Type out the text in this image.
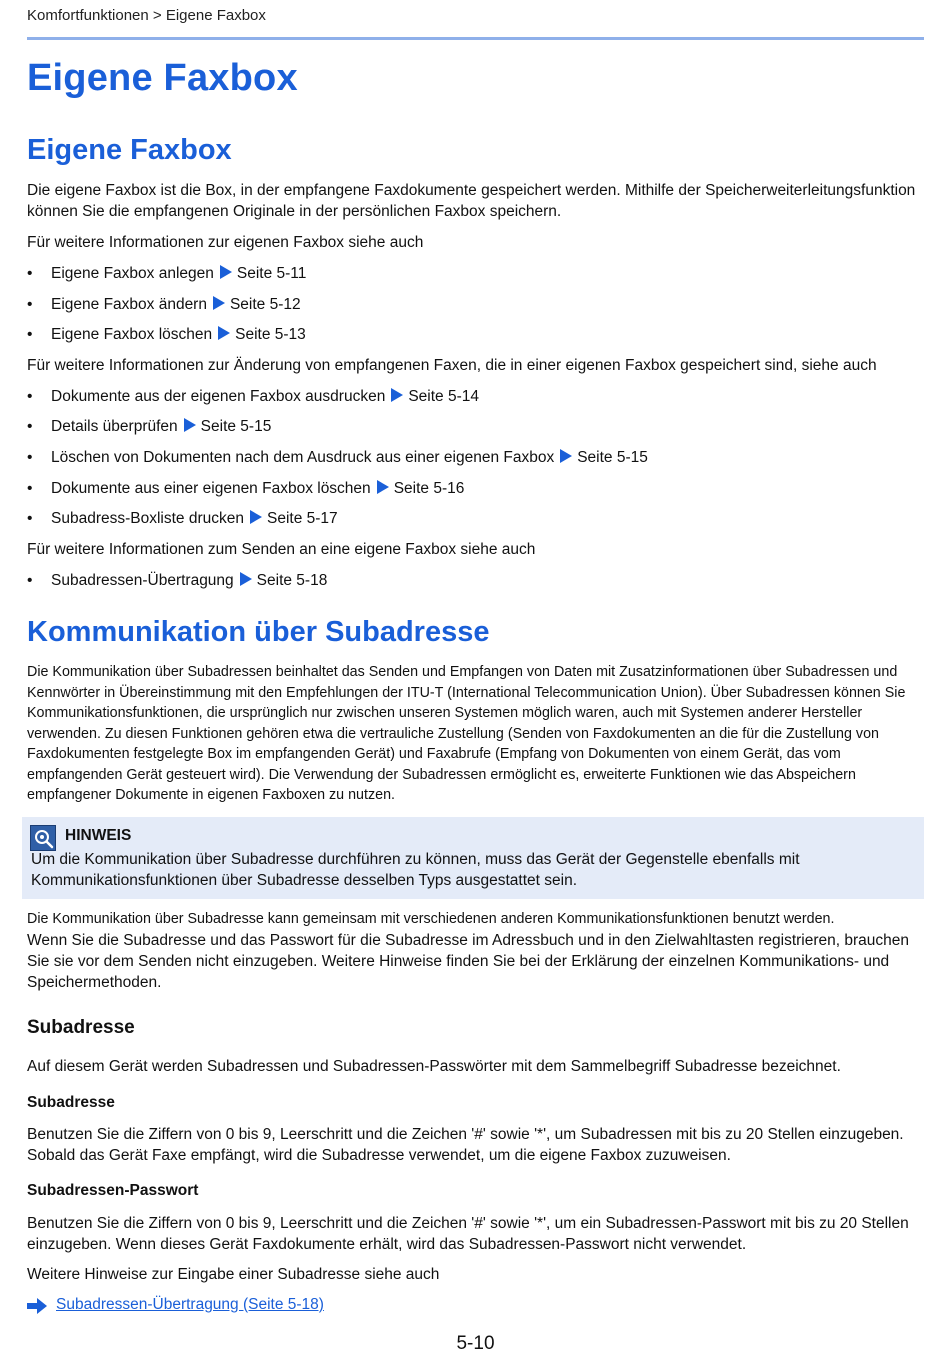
Komfortfunktionen > Eigene Faxbox
Eigene Faxbox
Eigene Faxbox

Die eigene Faxbox ist die Box, in der empfangene Faxdokumente gespeichert werden. Mithilfe der Speicherweiterleitungsfunktion können Sie die empfangenen Originale in der persönlichen Faxbox speichern.

Für weitere Informationen zur eigenen Faxbox siehe auch

• Eigene Faxbox anlegen Seite 5-11
• Eigene Faxbox ändern Seite 5-12
• Eigene Faxbox löschen Seite 5-13

Für weitere Informationen zur Änderung von empfangenen Faxen, die in einer eigenen Faxbox gespeichert sind, siehe auch

• Dokumente aus der eigenen Faxbox ausdrucken Seite 5-14
• Details überprüfen Seite 5-15
• Löschen von Dokumenten nach dem Ausdruck aus einer eigenen Faxbox Seite 5-15
• Dokumente aus einer eigenen Faxbox löschen Seite 5-16
• Subadress-Boxliste drucken Seite 5-17

Für weitere Informationen zum Senden an eine eigene Faxbox siehe auch

• Subadressen-Übertragung Seite 5-18
Kommunikation über Subadresse

Die Kommunikation über Subadressen beinhaltet das Senden und Empfangen von Daten mit Zusatzinformationen über Subadressen und Kennwörter in Übereinstimmung mit den Empfehlungen der ITU-T (International Telecommunication Union). Über Subadressen können Sie Kommunikationsfunktionen, die ursprünglich nur zwischen unseren Systemen möglich waren, auch mit Systemen anderer Hersteller verwenden. Zu diesen Funktionen gehören etwa die vertrauliche Zustellung (Senden von Faxdokumenten an die für die Zustellung von Faxdokumenten festgelegte Box im empfangenden Gerät) und Faxabrufe (Empfang von Dokumenten von einem Gerät, das vom empfangenden Gerät gesteuert wird). Die Verwendung der Subadressen ermöglicht es, erweiterte Funktionen wie das Abspeichern empfangener Dokumente in eigenen Faxboxen zu nutzen.

HINWEIS
Um die Kommunikation über Subadresse durchführen zu können, muss das Gerät der Gegenstelle ebenfalls mit Kommunikationsfunktionen über Subadresse desselben Typs ausgestattet sein.

Die Kommunikation über Subadresse kann gemeinsam mit verschiedenen anderen Kommunikationsfunktionen benutzt werden.

Wenn Sie die Subadresse und das Passwort für die Subadresse im Adressbuch und in den Zielwahltasten registrieren, brauchen Sie sie vor dem Senden nicht einzugeben. Weitere Hinweise finden Sie bei der Erklärung der einzelnen Kommunikations- und Speichermethoden.

Subadresse

Auf diesem Gerät werden Subadressen und Subadressen-Passwörter mit dem Sammelbegriff Subadresse bezeichnet.

Subadresse

Benutzen Sie die Ziffern von 0 bis 9, Leerschritt und die Zeichen '#' sowie '*', um Subadressen mit bis zu 20 Stellen einzugeben. Sobald das Gerät Faxe empfängt, wird die Subadresse verwendet, um die eigene Faxbox zuzuweisen.

Subadressen-Passwort

Benutzen Sie die Ziffern von 0 bis 9, Leerschritt und die Zeichen '#' sowie '*', um ein Subadressen-Passwort mit bis zu 20 Stellen einzugeben. Wenn dieses Gerät Faxdokumente erhält, wird das Subadressen-Passwort nicht verwendet.

Weitere Hinweise zur Eingabe einer Subadresse siehe auch

Subadressen-Übertragung (Seite 5-18)
5-10
